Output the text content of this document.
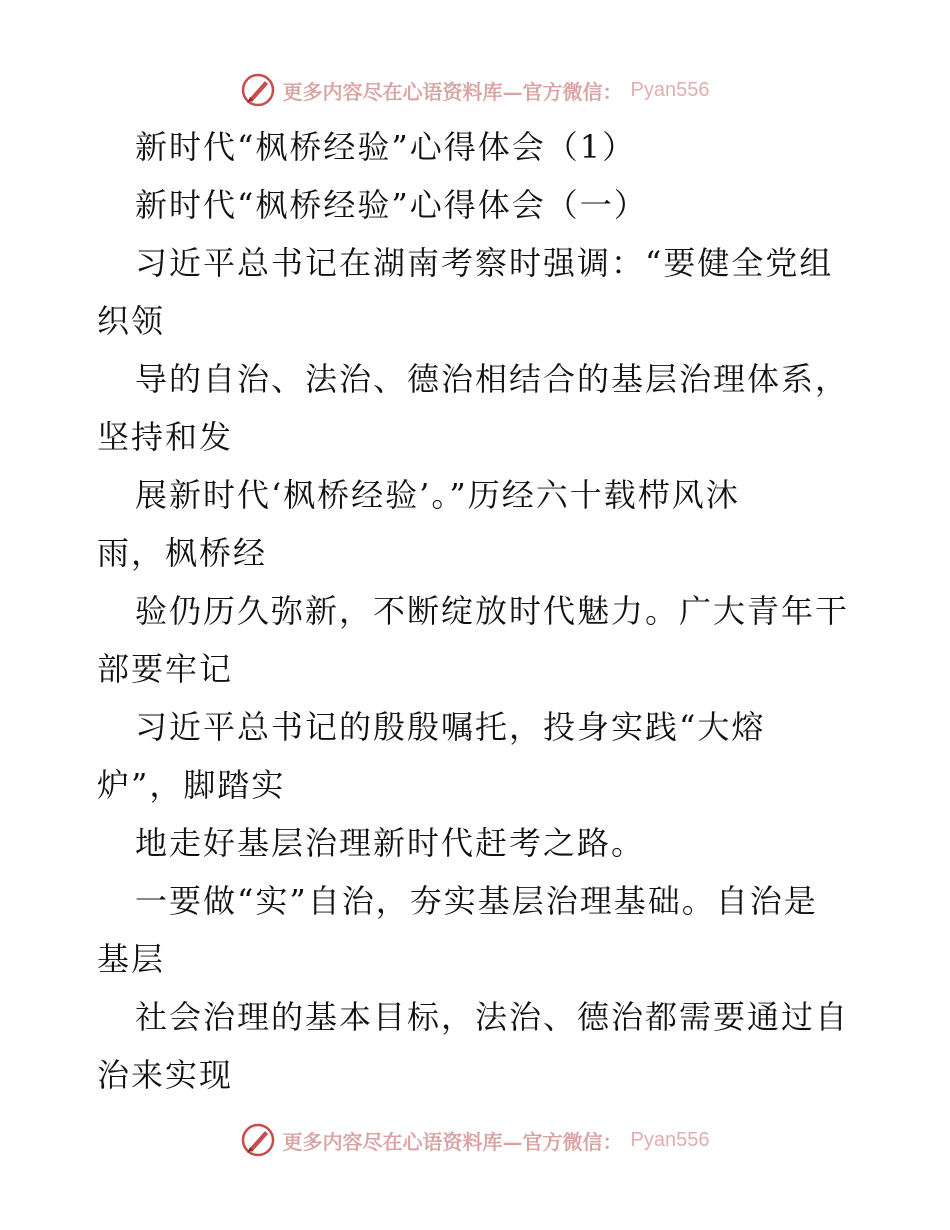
更多内容尽在心语资料库—官方微信： Pyan556
新时代“枫桥经验”心得体会（1）
新时代“枫桥经验”心得体会（一）
习近平总书记在湖南考察时强调：“要健全党组
织领
导的自治、法治、德治相结合的基层治理体系，
坚持和发
展新时代‘枫桥经验’。”历经六十载栉风沐
雨，枫桥经
验仍历久弥新，不断绽放时代魅力。广大青年干
部要牢记
习近平总书记的殷殷嘱托，投身实践“大熔
炉”，脚踏实
地走好基层治理新时代赶考之路。
一要做“实”自治，夯实基层治理基础。自治是
基层
社会治理的基本目标，法治、德治都需要通过自
治来实现
更多内容尽在心语资料库—官方微信： Pyan556
